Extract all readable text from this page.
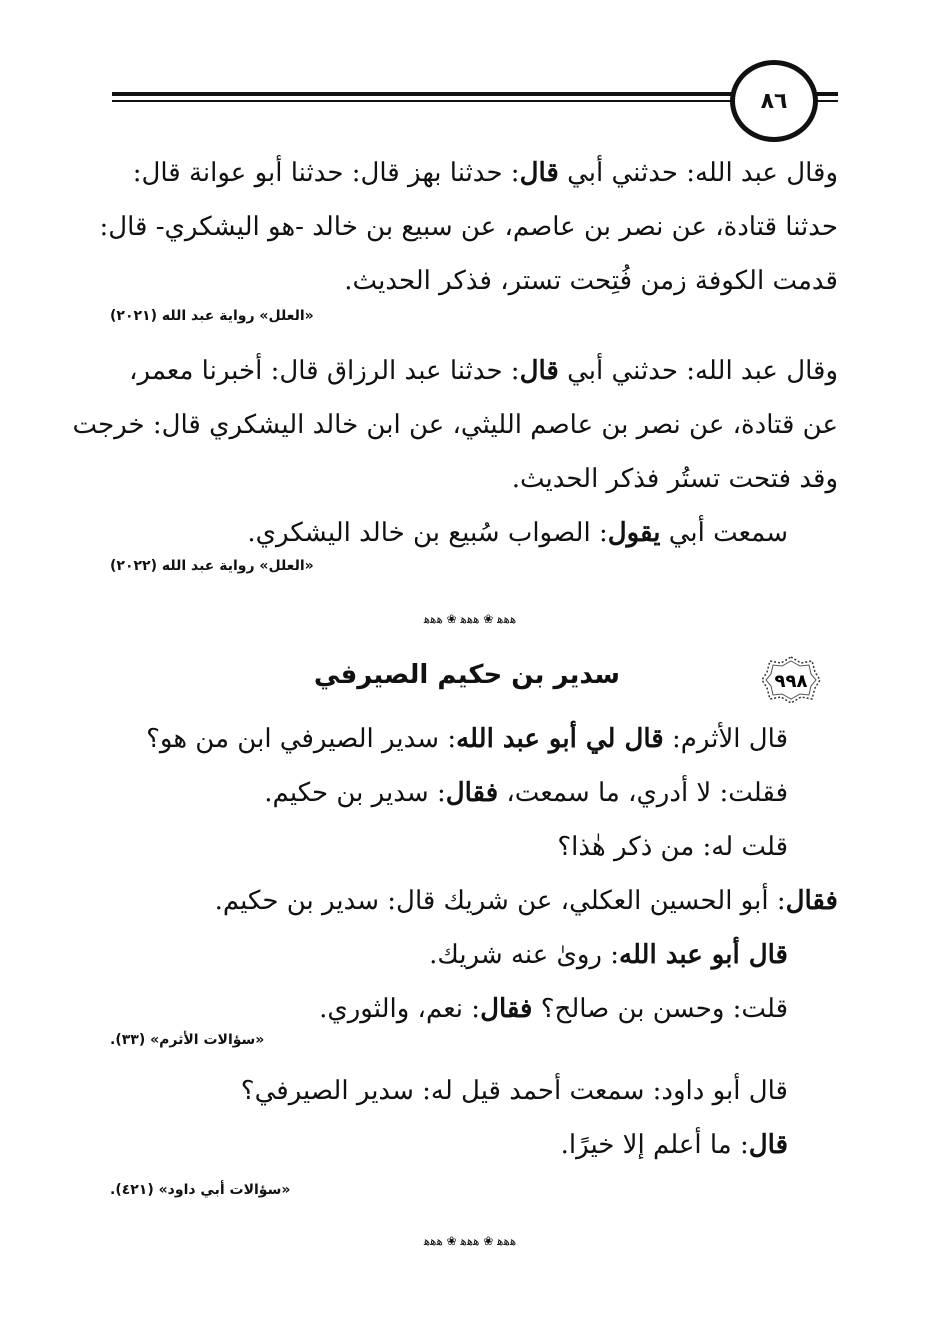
٨٦
وقال عبد الله: حدثني أبي قال: حدثنا بهز قال: حدثنا أبو عوانة قال:
حدثنا قتادة، عن نصر بن عاصم، عن سبيع بن خالد -هو اليشكري- قال:
قدمت الكوفة زمن فُتِحت تستر، فذكر الحديث.
«العلل» رواية عبد الله (٢٠٢١)
وقال عبد الله: حدثني أبي قال: حدثنا عبد الرزاق قال: أخبرنا معمر،
عن قتادة، عن نصر بن عاصم الليثي، عن ابن خالد اليشكري قال: خرجت
وقد فتحت تستُر فذكر الحديث.
سمعت أبي يقول: الصواب سُبيع بن خالد اليشكري.
«العلل» رواية عبد الله (٢٠٢٢)
ﻫﻫﻫ ❀ ﻫﻫﻫ ❀ ﻫﻫﻫ
٩٩٨
سدير بن حكيم الصيرفي
قال الأثرم: قال لي أبو عبد الله: سدير الصيرفي ابن من هو؟
فقلت: لا أدري، ما سمعت، فقال: سدير بن حكيم.
قلت له: من ذكر هٰذا؟
فقال: أبو الحسين العكلي، عن شريك قال: سدير بن حكيم.
قال أبو عبد الله: روىٰ عنه شريك.
قلت: وحسن بن صالح؟ فقال: نعم، والثوري.
«سؤالات الأثرم» (٣٣).
قال أبو داود: سمعت أحمد قيل له: سدير الصيرفي؟
قال: ما أعلم إلا خيرًا.
«سؤالات أبي داود» (٤٢١).
ﻫﻫﻫ ❀ ﻫﻫﻫ ❀ ﻫﻫﻫ
